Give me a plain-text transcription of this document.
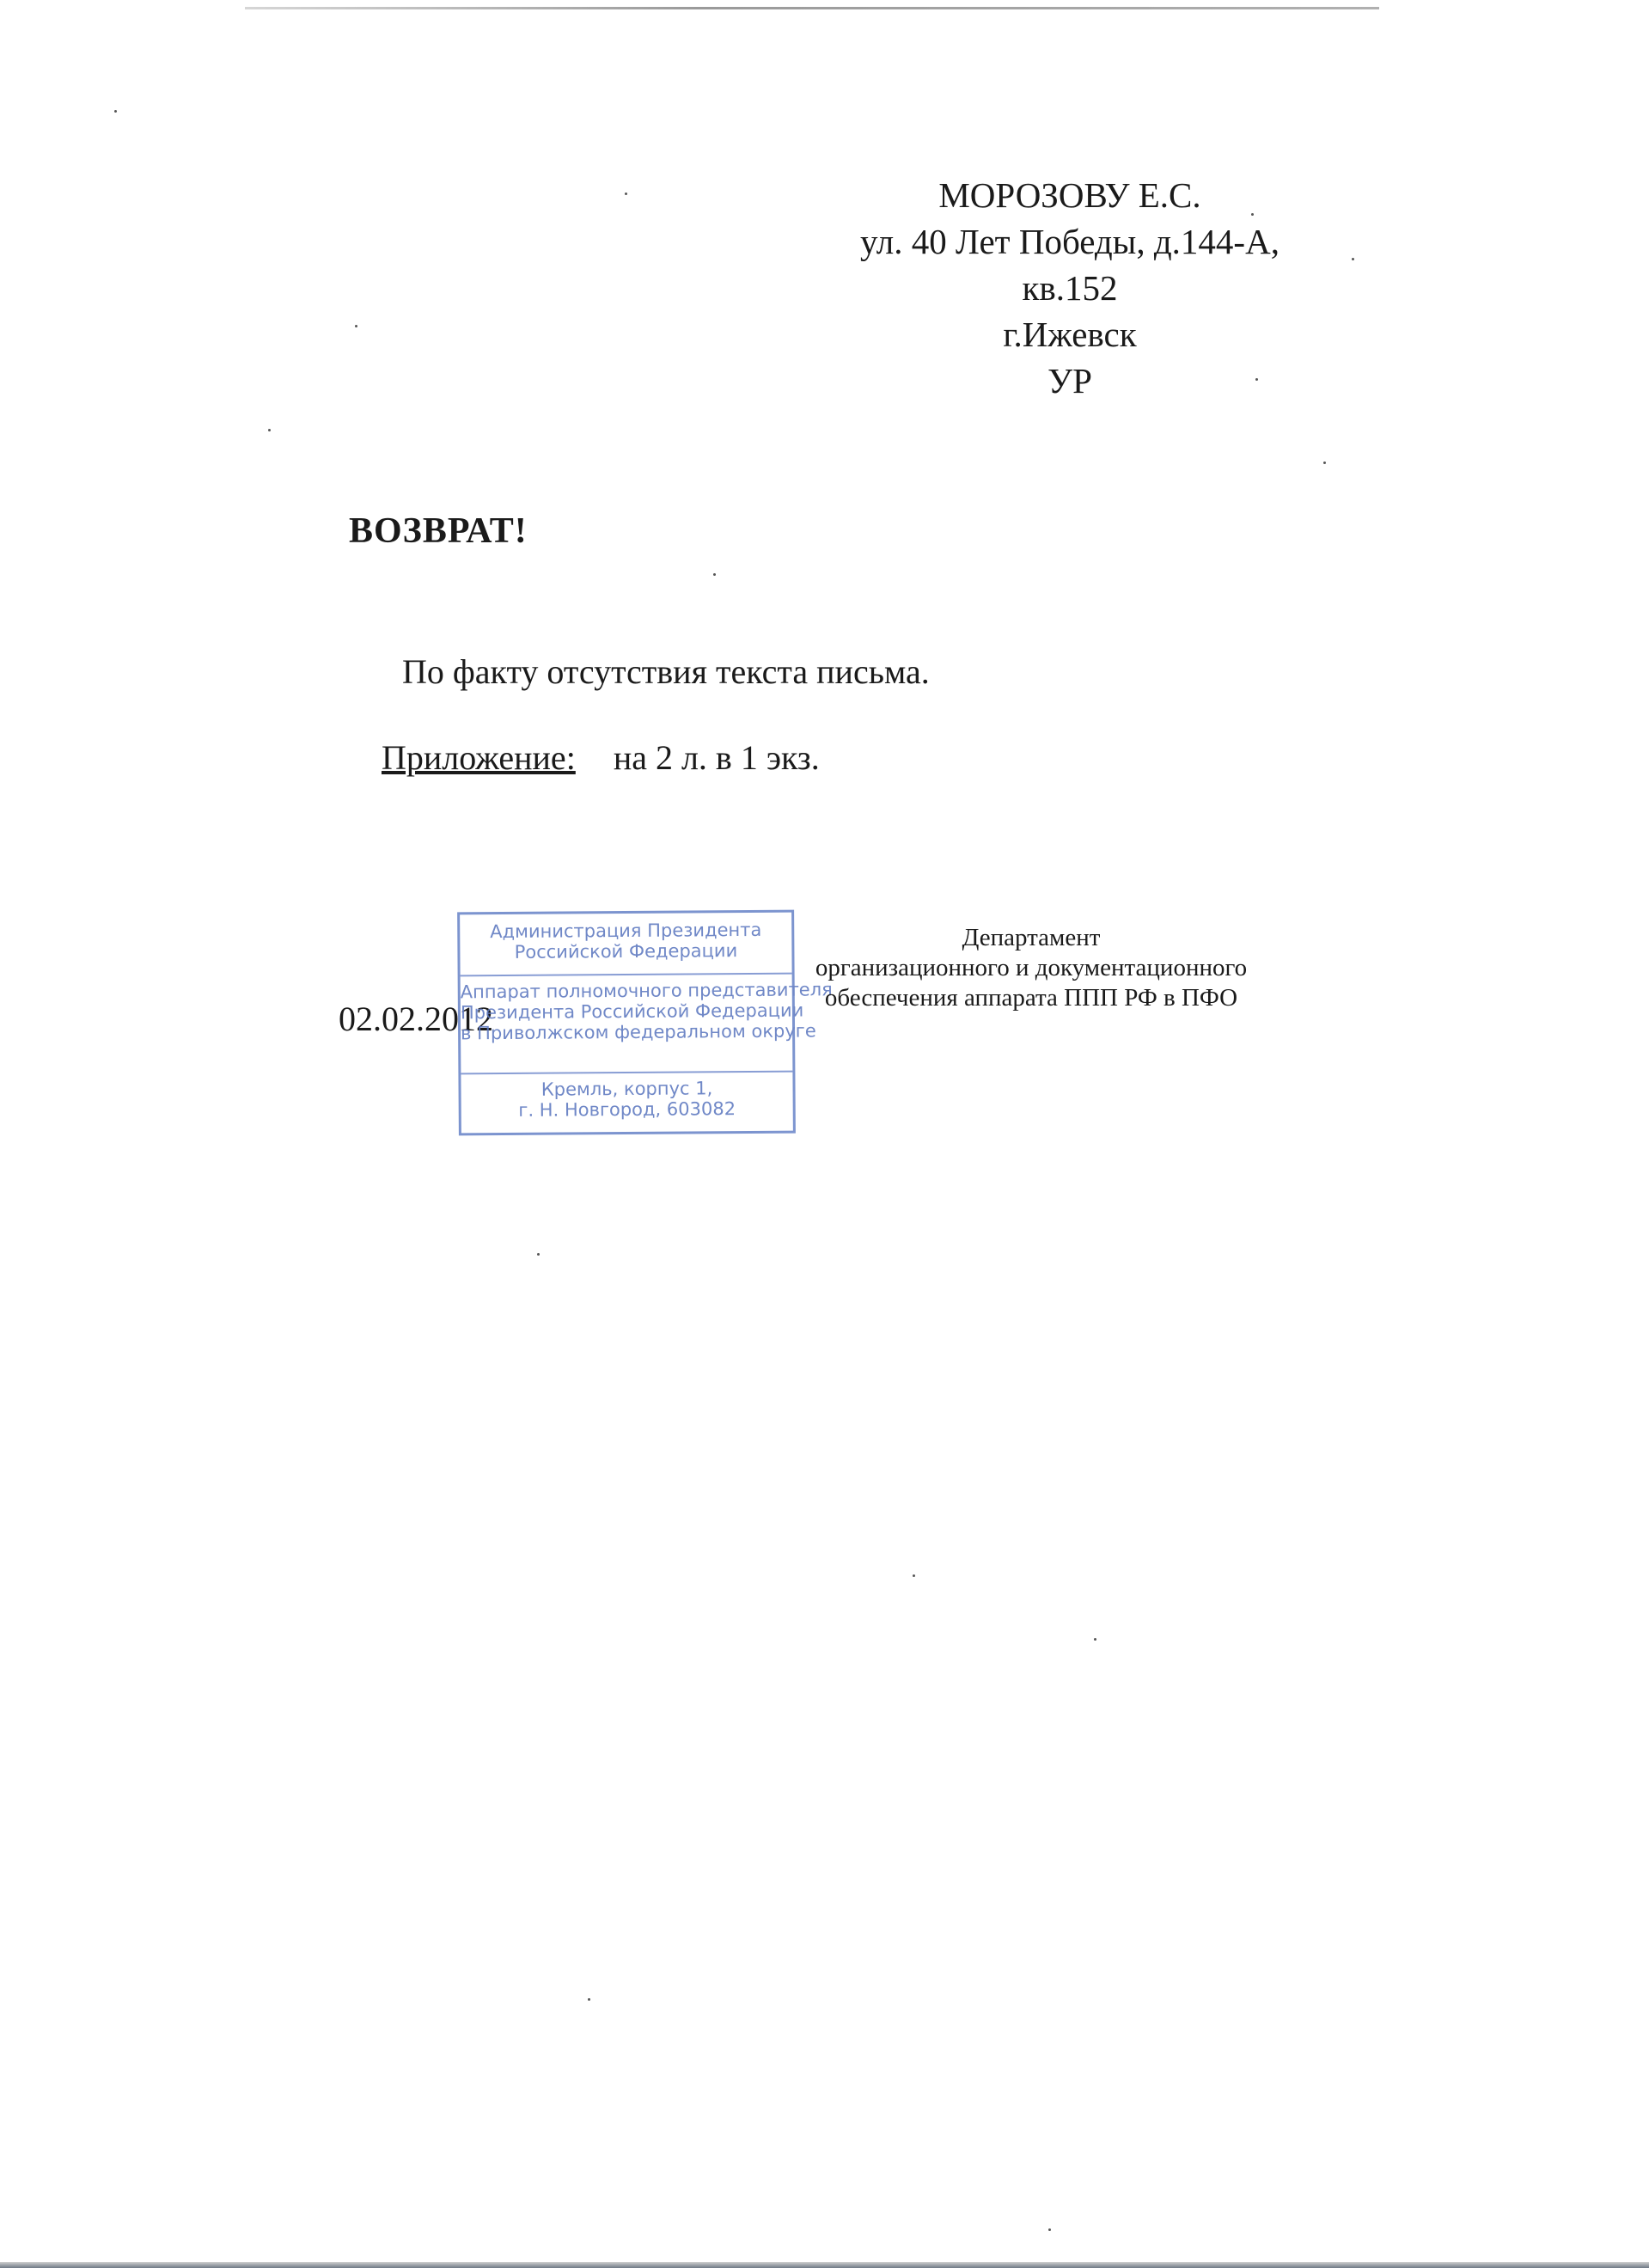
МОРОЗОВУ Е.С.
ул. 40 Лет Победы, д.144-А,
кв.152
г.Ижевск
УР
ВОЗВРАТ!
По факту отсутствия текста письма.
Приложение: на 2 л. в 1 экз.
02.02.2012
Администрация Президента
Российской Федерации
Аппарат полномочного представителя
Президента Российской Федерации
в Приволжском федеральном округе
Кремль, корпус 1,
г. Н. Новгород, 603082
Департамент
организационного и документационного
обеспечения аппарата ППП РФ в ПФО
